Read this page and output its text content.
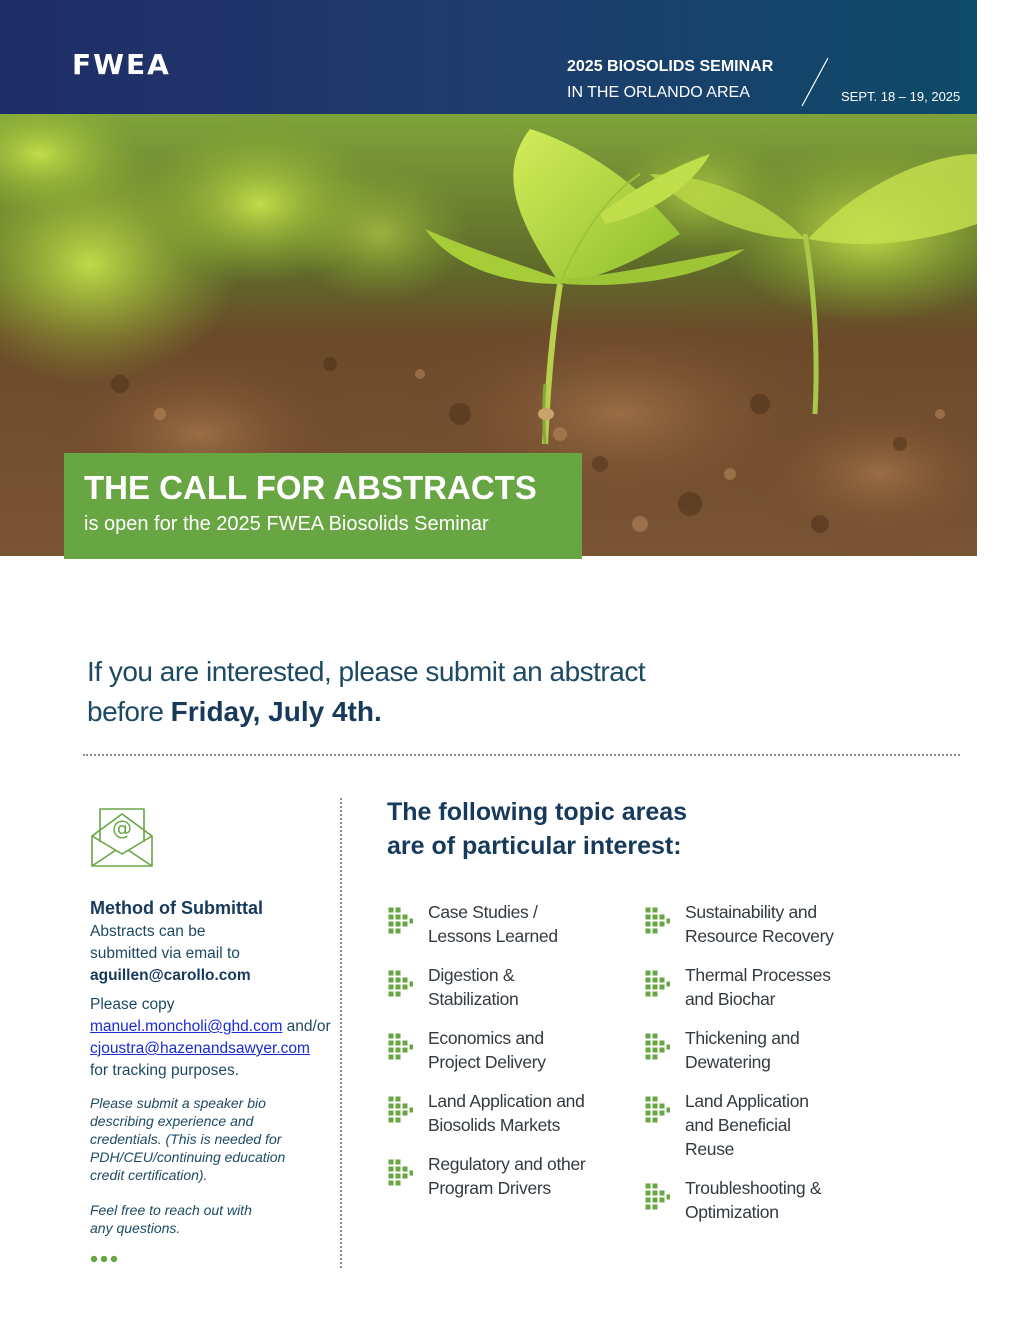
FWEA	2025 BIOSOLIDS SEMINAR
IN THE ORLANDO AREA	SEPT. 18 – 19, 2025
THE CALL FOR ABSTRACTS
is open for the 2025 FWEA Biosolids Seminar
If you are interested, please submit an abstract
before Friday, July 4th.
@
Method of Submittal
Abstracts can be
submitted via email to
aguillen@carollo.com
Please copy
manuel.moncholi@ghd.com and/or
cjoustra@hazenandsawyer.com
for tracking purposes.
Please submit a speaker bio
describing experience and
credentials. (This is needed for
PDH/CEU/continuing education
credit certification).
Feel free to reach out with
any questions.
The following topic areas
are of particular interest:
Case Studies /
Lessons Learned
Digestion &
Stabilization
Economics and
Project Delivery
Land Application and
Biosolids Markets
Regulatory and other
Program Drivers
Sustainability and
Resource Recovery
Thermal Processes
and Biochar
Thickening and
Dewatering
Land Application
and Beneficial
Reuse
Troubleshooting &
Optimization
